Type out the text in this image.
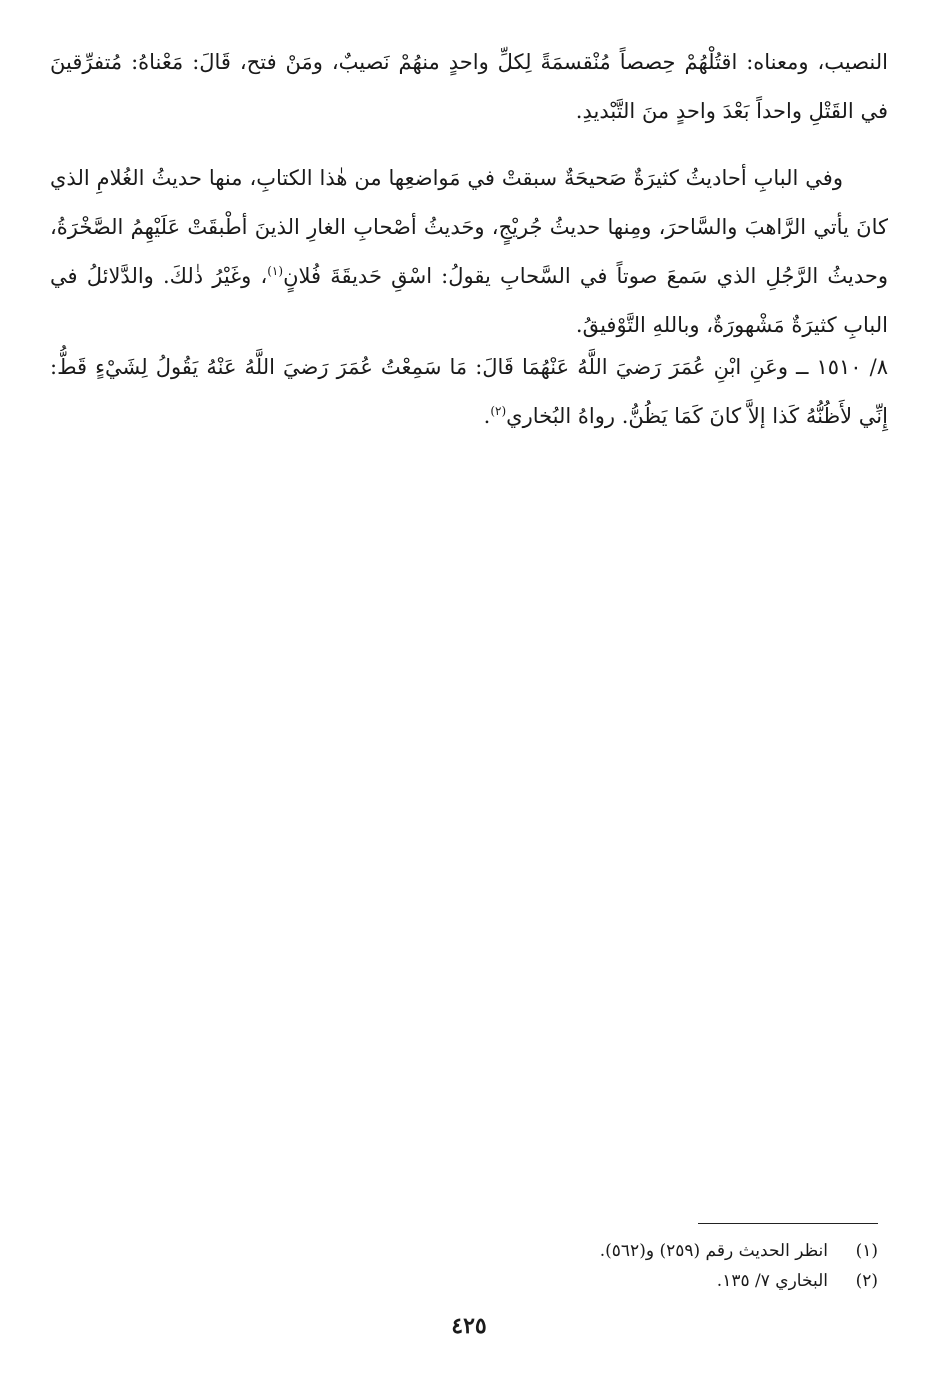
النصيب، ومعناه: اقتُلْهُمْ حِصصاً مُنْقسمَةً لِكلِّ واحدٍ منهُمْ نَصيبٌ، ومَنْ فتح، قَالَ: مَعْناهُ: مُتفرِّقينَ في القَتْلِ واحداً بَعْدَ واحدٍ منَ التَّبْديدِ.

وفي البابِ أحاديثُ كثيرَةٌ صَحيحَةٌ سبقتْ في مَواضعِها من هٰذا الكتابِ، منها حديثُ الغُلامِ الذي كانَ يأتي الرَّاهبَ والسَّاحرَ، ومِنها حديثُ جُريْجٍ، وحَديثُ أصْحابِ الغارِ الذينَ أطْبقَتْ عَلَيْهِمُ الصَّخْرَةُ، وحديثُ الرَّجُلِ الذي سَمعَ صوتاً في السَّحابِ يقولُ: اسْقِ حَديقَةَ فُلانٍ$^{(١)}$، وغَيْرُ ذٰلكَ. والدَّلائلُ في البابِ كثيرَةٌ مَشْهورَةٌ، وباللهِ التَّوْفيقُ.

٨/ ١٥١٠ ــ وعَنِ ابْنِ عُمَرَ رَضيَ اللَّهُ عَنْهُمَا قَالَ: مَا سَمِعْتُ عُمَرَ رَضيَ اللَّهُ عَنْهُ يَقُولُ لِشَيْءٍ قَطُّ: إِنِّي لأَظُنُّهُ كَذا إلاَّ كانَ كَمَا يَظُنُّ. رواهُ البُخاري$^{(٢)}$.

(١)
انظر الحديث رقم (٢٥٩) و(٥٦٢).
(٢)
البخاري ٧/ ١٣٥.
٤٢٥
